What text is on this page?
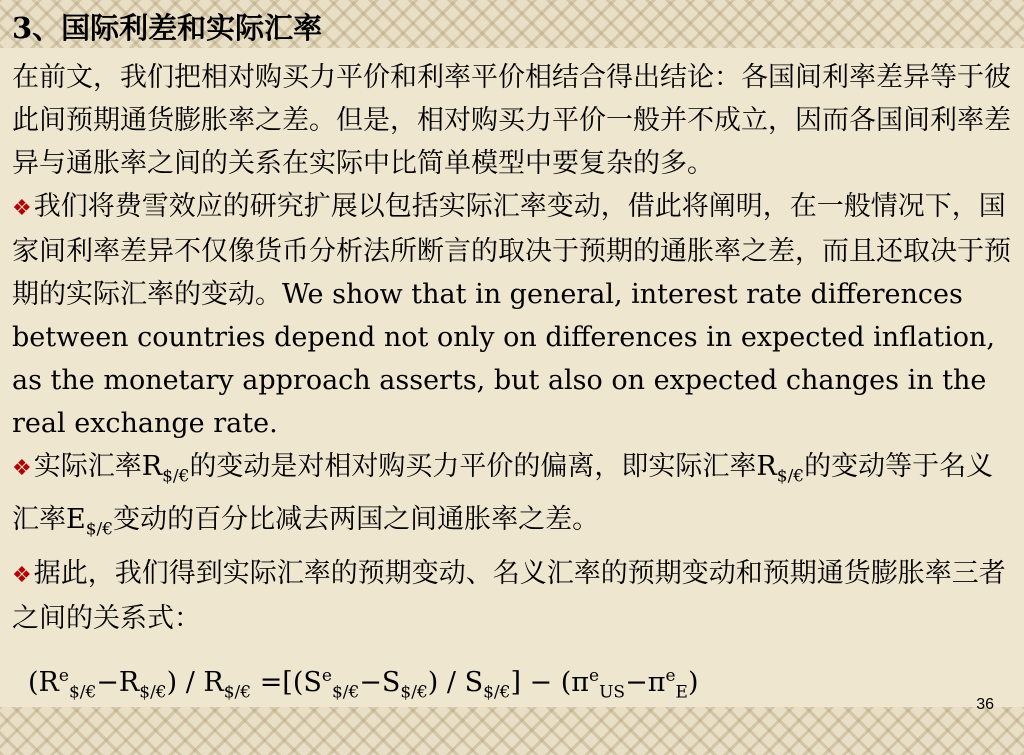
3、国际利差和实际汇率

在前文，我们把相对购买力平价和利率平价相结合得出结论：各国间利率差异等于彼此间预期通货膨胀率之差。但是，相对购买力平价一般并不成立，因而各国间利率差异与通胀率之间的关系在实际中比简单模型中要复杂的多。

❖我们将费雪效应的研究扩展以包括实际汇率变动，借此将阐明，在一般情况下，国家间利率差异不仅像货币分析法所断言的取决于预期的通胀率之差，而且还取决于预期的实际汇率的变动。We show that in general, interest rate differences between countries depend not only on differences in expected inflation, as the monetary approach asserts, but also on expected changes in the real exchange rate.

❖实际汇率$R_{\$/€}$的变动是对相对购买力平价的偏离，即实际汇率$R_{\$/€}$的变动等于名义汇率$E_{\$/€}$变动的百分比减去两国之间通胀率之差。

❖据此，我们得到实际汇率的预期变动、名义汇率的预期变动和预期通货膨胀率三者之间的关系式：

$(R^e_{\$/€}-R_{\$/€}) / R_{\$/€} =[(S^e_{\$/€}-S_{\$/€}) / S_{\$/€}] - (\pi^e_{US}-\pi^e_E)$
36
